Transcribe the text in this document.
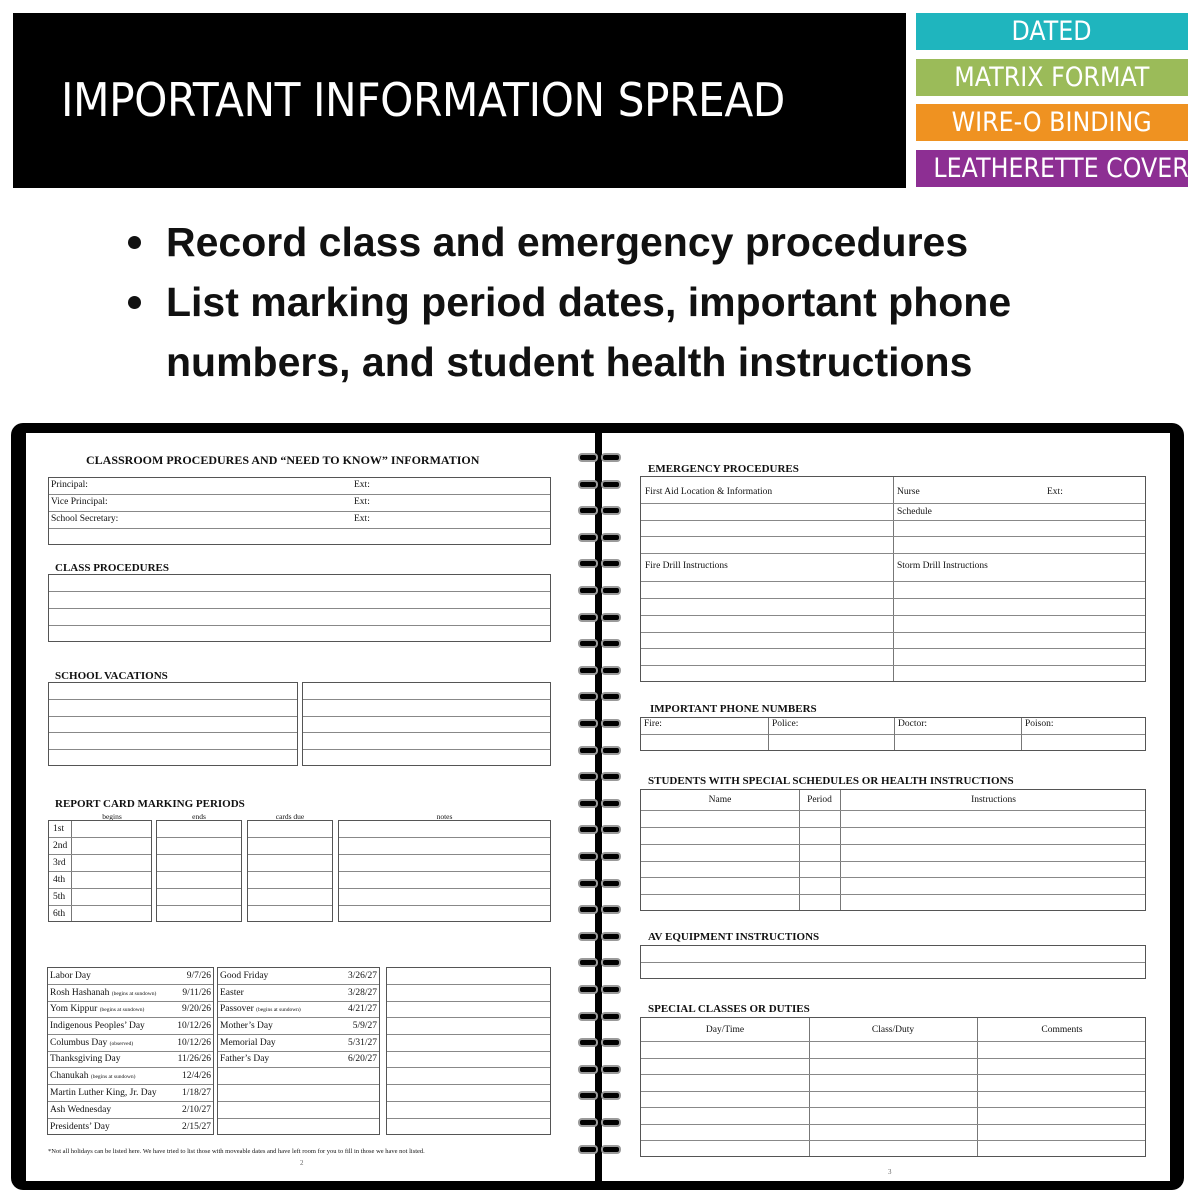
IMPORTANT INFORMATION SPREAD
DATED
MATRIX FORMAT
WIRE-O BINDING
LEATHERETTE COVER
Record class and emergency procedures
List marking period dates, important phone numbers, and student health instructions
CLASSROOM PROCEDURES AND “NEED TO KNOW” INFORMATION
Principal:	Ext:
Vice Principal:	Ext:
School Secretary:	Ext:
CLASS PROCEDURES
SCHOOL VACATIONS
REPORT CARD MARKING PERIODS
begins	ends	cards due	notes
1st
2nd
3rd
4th
5th
6th
Labor Day	9/7/26
Rosh Hashanah (begins at sundown)	9/11/26
Yom Kippur (begins at sundown)	9/20/26
Indigenous Peoples’ Day	10/12/26
Columbus Day (observed)	10/12/26
Thanksgiving Day	11/26/26
Chanukah (begins at sundown)	12/4/26
Martin Luther King, Jr. Day	1/18/27
Ash Wednesday	2/10/27
Presidents’ Day	2/15/27
Good Friday	3/26/27
Easter	3/28/27
Passover (begins at sundown)	4/21/27
Mother’s Day	5/9/27
Memorial Day	5/31/27
Father’s Day	6/20/27
*Not all holidays can be listed here. We have tried to list those with moveable dates and have left room for you to fill in those we have not listed.
2
EMERGENCY PROCEDURES
First Aid Location & Information	Nurse	Ext:
Schedule
Fire Drill Instructions	Storm Drill Instructions
IMPORTANT PHONE NUMBERS
Fire:	Police:	Doctor:	Poison:
STUDENTS WITH SPECIAL SCHEDULES OR HEALTH INSTRUCTIONS
Name	Period	Instructions
AV EQUIPMENT INSTRUCTIONS
SPECIAL CLASSES OR DUTIES
Day/Time	Class/Duty	Comments
3
